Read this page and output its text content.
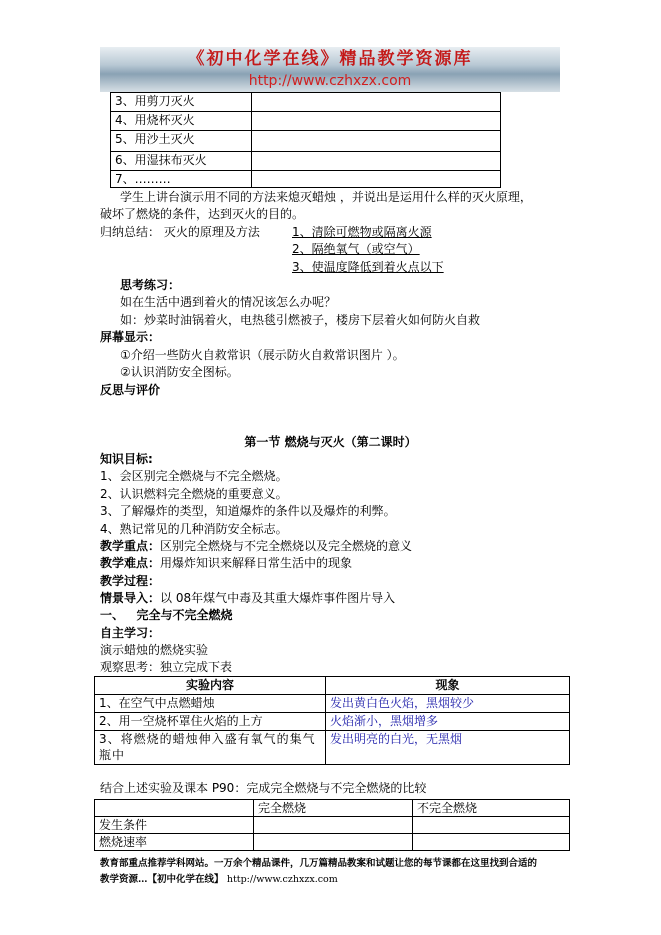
《初中化学在线》精品教学资源库
http://www.czhxzx.com
3、用剪刀灭火	
4、用烧杯灭火	
5、用沙土灭火	
6、用湿抹布灭火	
7、………	
学生上讲台演示用不同的方法来熄灭蜡烛 ，并说出是运用什么样的灭火原理，
破坏了燃烧的条件，达到灭火的目的。
归纳总结： 灭火的原理及方法	1、清除可燃物或隔离火源
2、隔绝氧气（或空气）
3、使温度降低到着火点以下
思考练习：
如在生活中遇到着火的情况该怎么办呢？
如：炒菜时油锅着火，电热毯引燃被子，楼房下层着火如何防火自救
屏幕显示：
①介绍一些防火自救常识（展示防火自救常识图片 ）。
②认识消防安全图标。
反思与评价
第一节 燃烧与灭火（第二课时）
知识目标:
1、会区别完全燃烧与不完全燃烧。
2、认识燃料完全燃烧的重要意义。
3、了解爆炸的类型，知道爆炸的条件以及爆炸的利弊。
4、熟记常见的几种消防安全标志。
教学重点：区别完全燃烧与不完全燃烧以及完全燃烧的意义
教学难点：用爆炸知识来解释日常生活中的现象
教学过程：
情景导入：以 08年煤气中毒及其重大爆炸事件图片导入
一、   完全与不完全燃烧
自主学习：
演示蜡烛的燃烧实验
观察思考：独立完成下表
实验内容	现象
1、在空气中点燃蜡烛	发出黄白色火焰，黑烟较少
2、用一空烧杯罩住火焰的上方	火焰渐小，黑烟增多
3、将燃烧的蜡烛伸入盛有氧气的集气瓶中	发出明亮的白光，无黑烟
结合上述实验及课本 P90：完成完全燃烧与不完全燃烧的比较
	完全燃烧	不完全燃烧
发生条件		
燃烧速率		
教育部重点推荐学科网站。一万余个精品课件，几万篇精品教案和试题让您的每节课都在这里找到合适的
教学资源…【初中化学在线】 http://www.czhxzx.com
